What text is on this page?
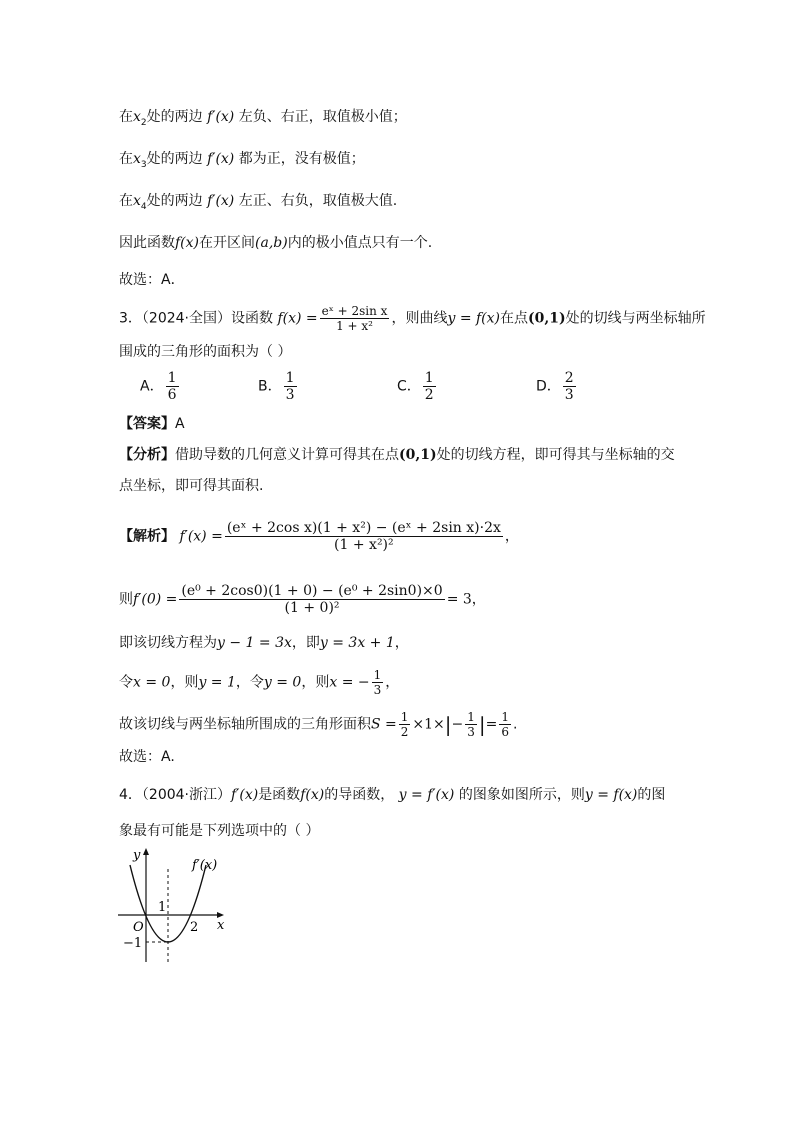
在$x_2$处的两边 f′(x) 左负、右正，取值极小值；
在$x_3$处的两边 f′(x) 都为正，没有极值；
在$x_4$处的两边 f′(x) 左正、右负，取值极大值.
因此函数f(x)在开区间(a,b)内的极小值点只有一个.
故选：A．
3．（2024·全国）设函数 $f(x) = \frac{\text{eˣ + 2sin x}}{\text{1 + x²}}$ ，则曲线y = f(x)在点(0,1)处的切线与两坐标轴所
围成的三角形的面积为（ ）
A． $\frac{1}{6}$	B． $\frac{1}{3}$	C． $\frac{1}{2}$	D． $\frac{2}{3}$
【答案】A
【分析】借助导数的几何意义计算可得其在点(0,1)处的切线方程，即可得其与坐标轴的交
点坐标，即可得其面积.
【解析】 $f'(x) = \frac{\text{(eˣ + 2cos x)(1 + x²) − (eˣ + 2sin x)·2x}}{\text{(1 + x²)²}}$ ，
则$f'(0) = \frac{\text{(e⁰ + 2cos0)(1 + 0) − (e⁰ + 2sin0)×0}}{\text{(1 + 0)²}} = 3$，
即该切线方程为y − 1 = 3x，即y = 3x + 1，
令x = 0，则y = 1，令y = 0，则x = − $\frac{1}{3}$ ，
故该切线与两坐标轴所围成的三角形面积$S = \frac{1}{2} \times 1\times|- \frac{1}{3}$ |= $\frac{1}{6}$ .
故选：A.
4．（2004·浙江）f′(x)是函数f(x)的导函数， y = f′(x) 的图象如图所示，则y = f(x)的图
象最有可能是下列选项中的（ ）
y
x
O
1
2
−1
f′(x)
